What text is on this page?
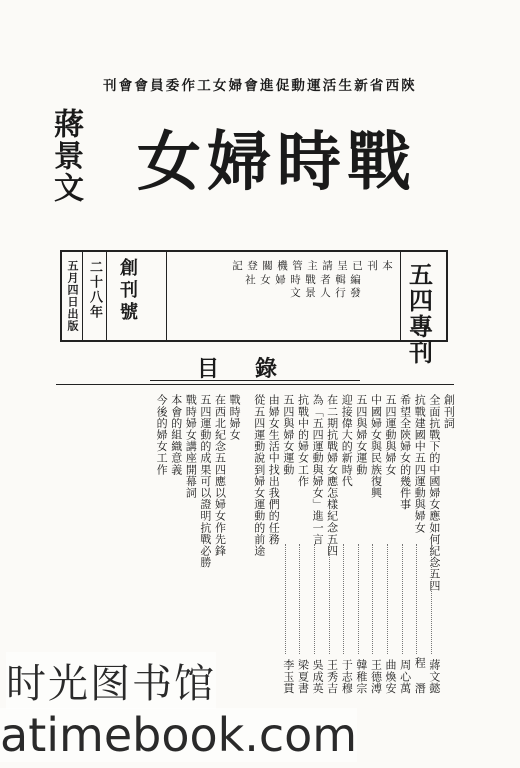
刊會會員委作工女婦會進促動運活生新省西陝
蔣景文 女婦時戰
五月四日出版 二十八年 創刊號	本刊已呈請主管機關登記
編輯者 戰時婦女社
發行人 景文
五四專刊
目錄
創刊詞
全面抗戰下的中國婦女應如何紀念五四
蔣文懿
抗戰建國中五四運動與婦女
程 潛
希望全陝婦女的幾件事
周心萬
五四運動與婦女
曲煥安
中國婦女與民族復興
王德溥
五四與婦女運動
韓稚宗
迎接偉大的新時代
于志穆
在二期抗戰婦女應怎樣紀念五四
王秀吉
為「五四運動與婦女」進一言
吳成英
抗戰中的婦女工作
梁夏書
五四與婦女運動
李玉貫
由婦女生活中找出我們的任務
從五四運動說到婦女運動的前途
戰時婦女
在西北紀念五四應以婦女作先鋒
五四運動的成果可以證明抗戰必勝
戰時婦女講座開幕詞
本會的組織意義
今後的婦女工作
时光图书馆
atimebook.com
